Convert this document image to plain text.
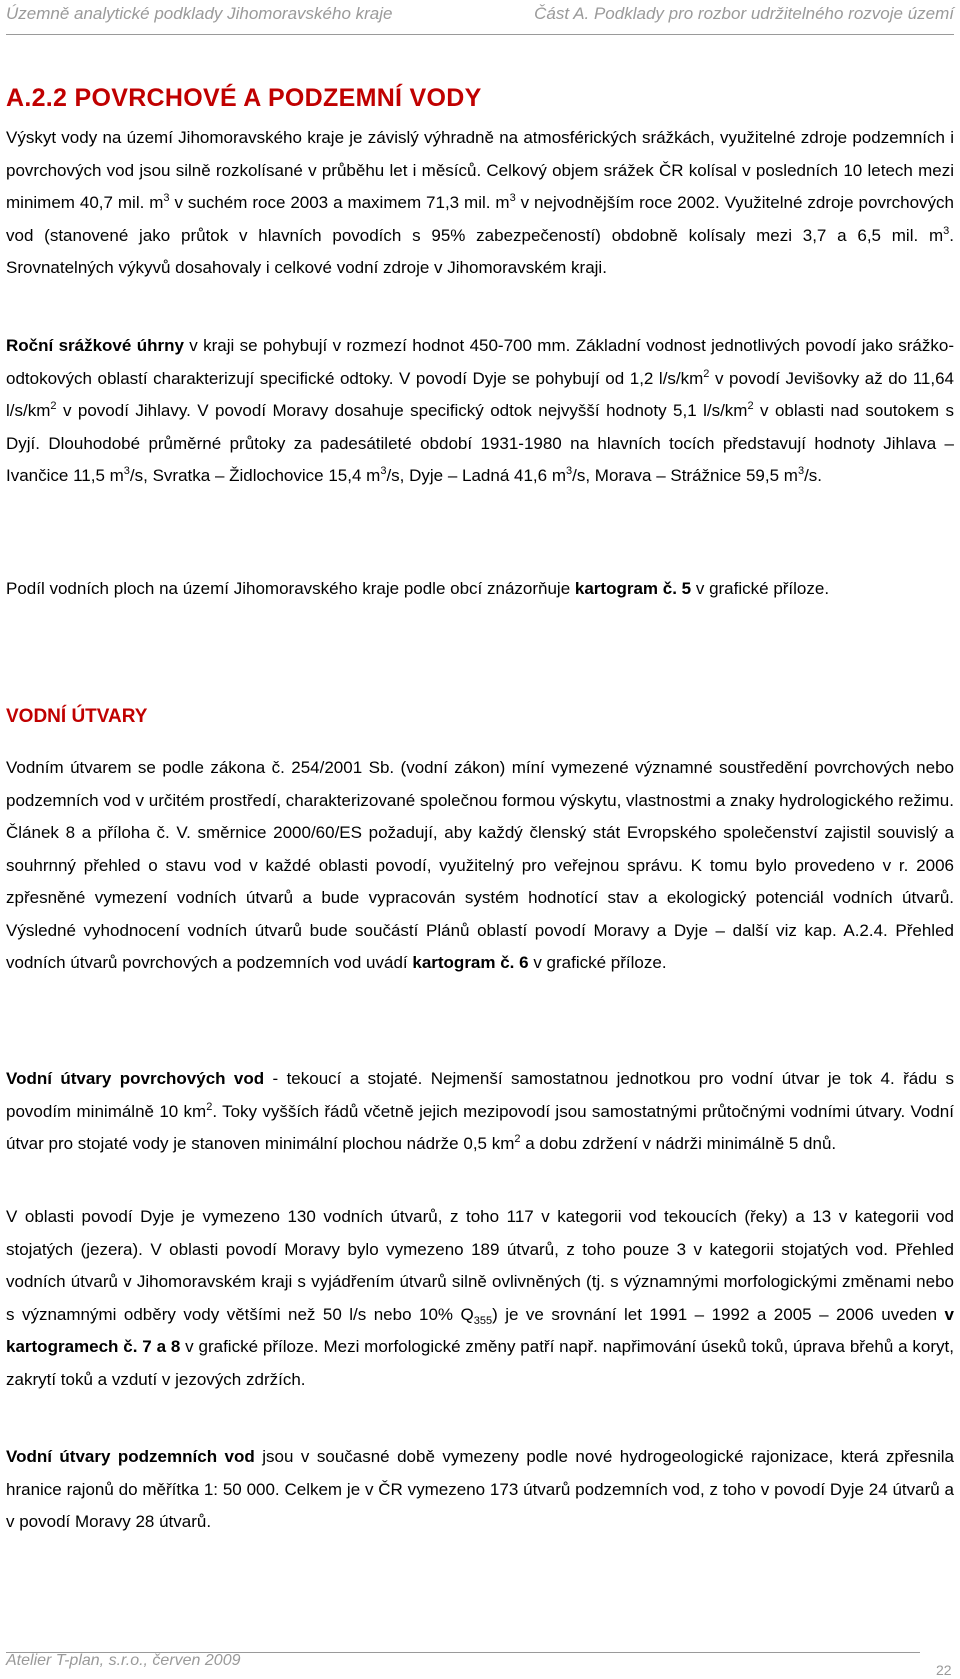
Územně analytické podklady Jihomoravského kraje	Část A. Podklady pro rozbor udržitelného rozvoje území
A.2.2 POVRCHOVÉ A PODZEMNÍ VODY

Výskyt vody na území Jihomoravského kraje je závislý výhradně na atmosférických srážkách, využitelné zdroje podzemních i povrchových vod jsou silně rozkolísané v průběhu let i měsíců. Celkový objem srážek ČR kolísal v posledních 10 letech mezi minimem 40,7 mil. $m^3$ v suchém roce 2003 a maximem 71,3 mil. $m^3$ v nejvodnějším roce 2002. Využitelné zdroje povrchových vod (stanovené jako průtok v hlavních povodích s 95% zabezpečeností) obdobně kolísaly mezi 3,7 a 6,5 mil. $m^3$. Srovnatelných výkyvů dosahovaly i celkové vodní zdroje v Jihomoravském kraji.

Roční srážkové úhrny v kraji se pohybují v rozmezí hodnot 450-700 mm. Základní vodnost jednotlivých povodí jako srážko-odtokových oblastí charakterizují specifické odtoky. V povodí Dyje se pohybují od 1,2 $l/s/km^2$ v povodí Jevišovky až do 11,64 $l/s/km^2$ v povodí Jihlavy. V povodí Moravy dosahuje specifický odtok nejvyšší hodnoty 5,1 $l/s/km^2$ v oblasti nad soutokem s Dyjí. Dlouhodobé průměrné průtoky za padesátileté období 1931-1980 na hlavních tocích představují hodnoty Jihlava – Ivančice 11,5 $m^3/s$, Svratka – Židlochovice 15,4 $m^3/s$, Dyje – Ladná 41,6 $m^3/s$, Morava – Strážnice 59,5 $m^3/s$.

Podíl vodních ploch na území Jihomoravského kraje podle obcí znázorňuje kartogram č. 5 v grafické příloze.

VODNÍ ÚTVARY

Vodním útvarem se podle zákona č. 254/2001 Sb. (vodní zákon) míní vymezené významné soustředění povrchových nebo podzemních vod v určitém prostředí, charakterizované společnou formou výskytu, vlastnostmi a znaky hydrologického režimu. Článek 8 a příloha č. V. směrnice 2000/60/ES požadují, aby každý členský stát Evropského společenství zajistil souvislý a souhrnný přehled o stavu vod v každé oblasti povodí, využitelný pro veřejnou správu. K tomu bylo provedeno v r. 2006 zpřesněné vymezení vodních útvarů a bude vypracován systém hodnotící stav a ekologický potenciál vodních útvarů. Výsledné vyhodnocení vodních útvarů bude součástí Plánů oblastí povodí Moravy a Dyje – další viz kap. A.2.4. Přehled vodních útvarů povrchových a podzemních vod uvádí kartogram č. 6 v grafické příloze.

Vodní útvary povrchových vod - tekoucí a stojaté. Nejmenší samostatnou jednotkou pro vodní útvar je tok 4. řádu s povodím minimálně 10 $km^2$. Toky vyšších řádů včetně jejich mezipovodí jsou samostatnými průtočnými vodními útvary. Vodní útvar pro stojaté vody je stanoven minimální plochou nádrže 0,5 $km^2$ a dobu zdržení v nádrži minimálně 5 dnů.

V oblasti povodí Dyje je vymezeno 130 vodních útvarů, z toho 117 v kategorii vod tekoucích (řeky) a 13 v kategorii vod stojatých (jezera). V oblasti povodí Moravy bylo vymezeno 189 útvarů, z toho pouze 3 v kategorii stojatých vod. Přehled vodních útvarů v Jihomoravském kraji s vyjádřením útvarů silně ovlivněných (tj. s významnými morfologickými změnami nebo s významnými odběry vody většími než 50 l/s nebo 10% $Q_{355}$) je ve srovnání let 1991 – 1992 a 2005 – 2006 uveden v kartogramech č. 7 a 8 v grafické příloze. Mezi morfologické změny patří např. napřimování úseků toků, úprava břehů a koryt, zakrytí toků a vzdutí v jezových zdržích.

Vodní útvary podzemních vod jsou v současné době vymezeny podle nové hydrogeologické rajonizace, která zpřesnila hranice rajonů do měřítka 1: 50 000. Celkem je v ČR vymezeno 173 útvarů podzemních vod, z toho v povodí Dyje 24 útvarů a v povodí Moravy 28 útvarů.

Atelier T-plan, s.r.o., červen 2009
22
